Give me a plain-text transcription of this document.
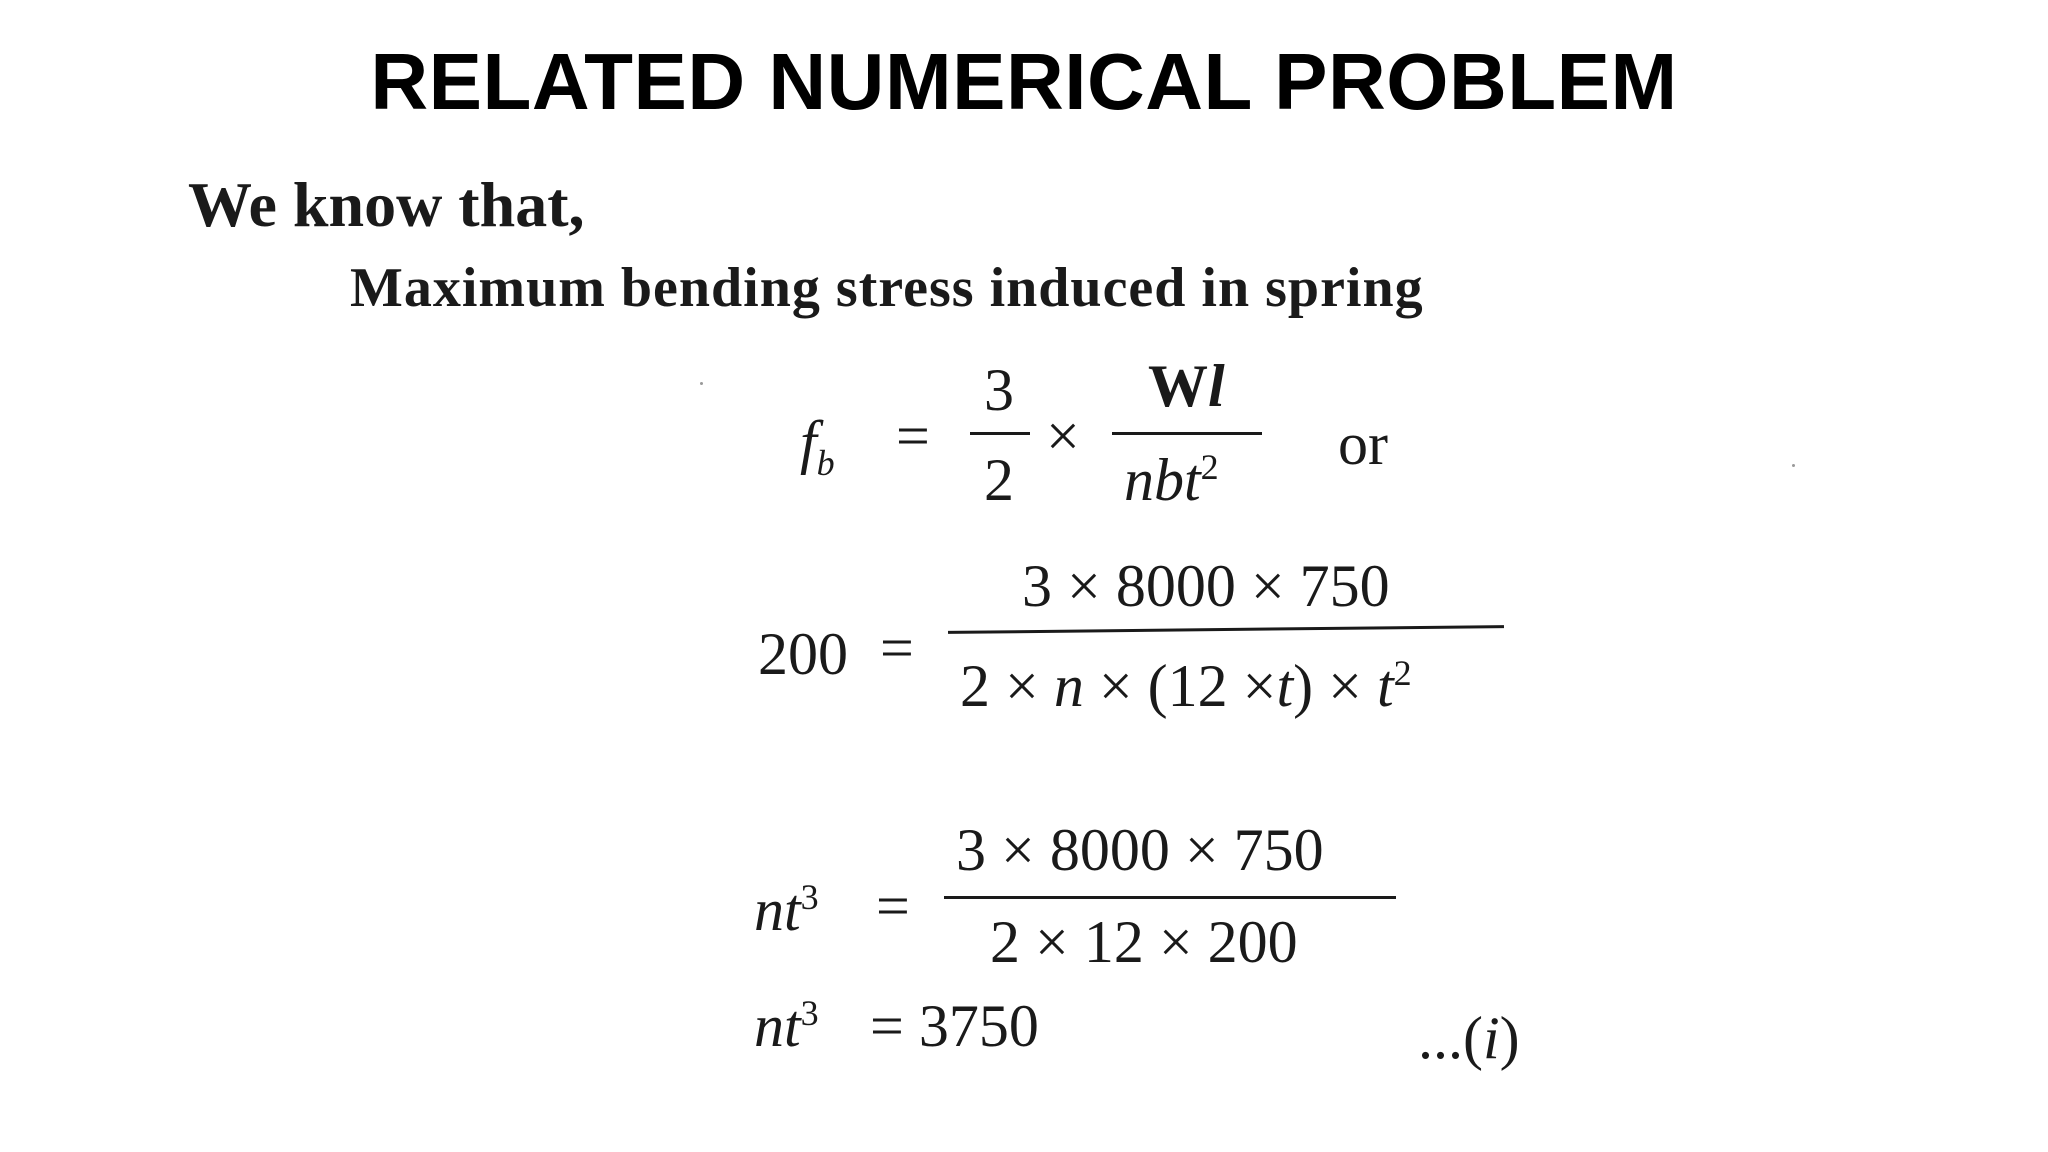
RELATED NUMERICAL PROBLEM
We know that,
Maximum bending stress induced in spring
$f_b$ =
3
2
×
Wl
nbt$^2$ or
200 =
3 × 8000 × 750
$2 \times n \times (12 \times t) \times t^2$
$nt^3$ =
3 × 8000 × 750
2 × 12 × 200
$nt^3 = 3750$	...(i)
